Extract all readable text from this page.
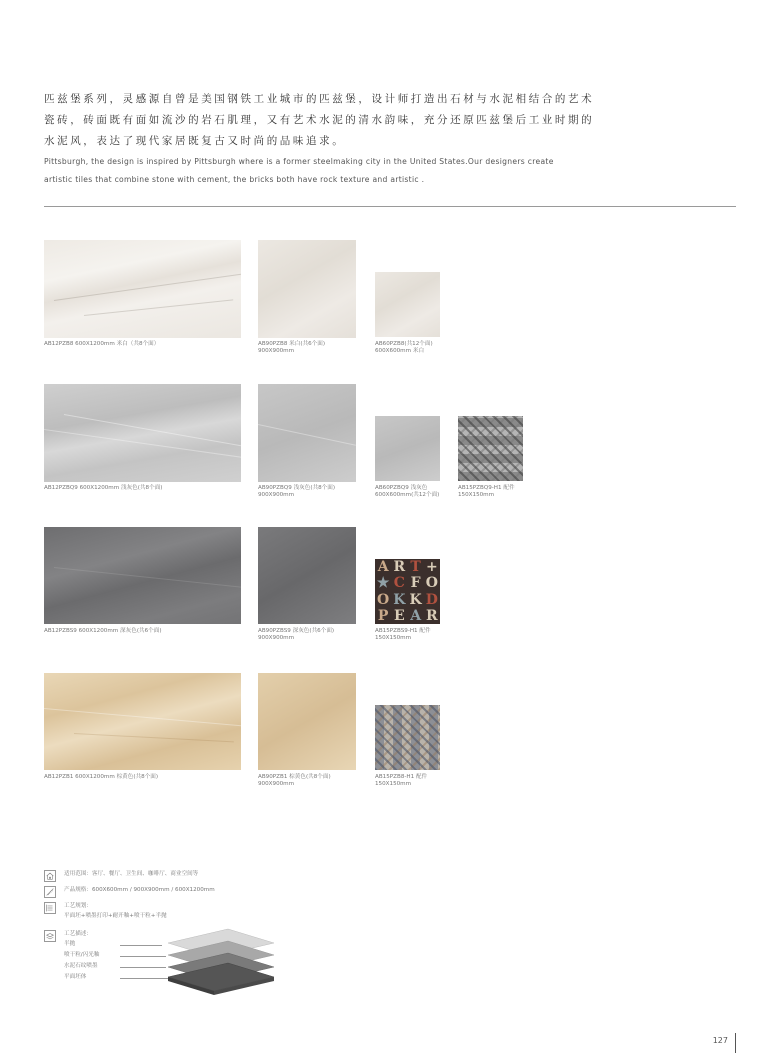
匹兹堡系列，灵感源自曾是美国钢铁工业城市的匹兹堡，设计师打造出石材与水泥相结合的艺术
瓷砖，砖面既有面如流沙的岩石肌理，又有艺术水泥的清水韵味，充分还原匹兹堡后工业时期的
水泥风，表达了现代家居既复古又时尚的品味追求。
Pittsburgh, the design is inspired by Pittsburgh where is a former steelmaking city in the United States.Our designers create
artistic tiles that combine stone with cement, the bricks both have rock texture and artistic .
AB12PZB8 600X1200mm 米白（共8个面）	AB90PZB8 米白(共6个面)
900X900mm
AB60PZB8(共12个面)
600X600mm 米白
AB12PZBQ9 600X1200mm 浅灰色(共8个面)	AB90PZBQ9 浅灰色(共8个面)
900X900mm
AB60PZBQ9 浅灰色
600X600mm(共12个面)
AB15PZBQ9-H1 配件
150X150mm
AB12PZBS9 600X1200mm 深灰色(共6个面)	AB90PZBS9 深灰色(共6个面)
900X900mm
A R T +
★ C F O
O K K D
P E A R
AB15PZBS9-H1 配件
150X150mm
AB12PZB1 600X1200mm 棕黄色(共8个面)	AB90PZB1 棕黄色(共8个面)
900X900mm
AB15PZB8-H1 配件
150X150mm
适用范围：客厅、餐厅、卫生间、咖啡厅、商业空间等
产品规格：600X600mm / 900X900mm / 600X1200mm
工艺规划：
平面坯+喷墨打印+耐开釉+喷干粒+半抛
工艺描述：
半抛
喷干粒/闪光釉
水泥石纹喷墨
平面坯体
127
